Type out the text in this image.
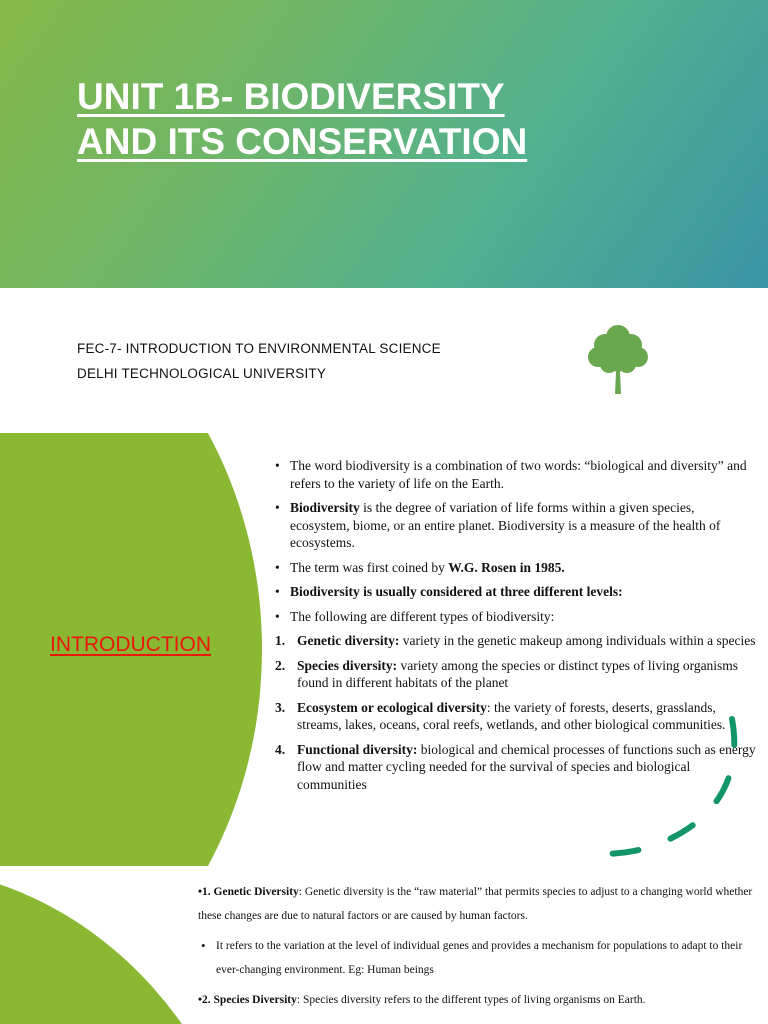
UNIT 1B- BIODIVERSITY
AND ITS CONSERVATION
FEC-7- INTRODUCTION TO ENVIRONMENTAL SCIENCE
DELHI TECHNOLOGICAL UNIVERSITY
INTRODUCTION
• The word biodiversity is a combination of two words: “biological and diversity” and refers to the variety of life on the Earth.
• Biodiversity is the degree of variation of life forms within a given species, ecosystem, biome, or an entire planet. Biodiversity is a measure of the health of ecosystems.
• The term was first coined by W.G. Rosen in 1985.
• Biodiversity is usually considered at three different levels:
• The following are different types of biodiversity:
1. Genetic diversity: variety in the genetic makeup among individuals within a species
2. Species diversity: variety among the species or distinct types of living organisms found in different habitats of the planet
3. Ecosystem or ecological diversity: the variety of forests, deserts, grasslands, streams, lakes, oceans, coral reefs, wetlands, and other biological communities.
4. Functional diversity: biological and chemical processes of functions such as energy flow and matter cycling needed for the survival of species and biological communities
•1. Genetic Diversity: Genetic diversity is the “raw material” that permits species to adjust to a changing world whether these changes are due to natural factors or are caused by human factors.
• It refers to the variation at the level of individual genes and provides a mechanism for populations to adapt to their ever-changing environment. Eg: Human beings
•2. Species Diversity: Species diversity refers to the different types of living organisms on Earth.
